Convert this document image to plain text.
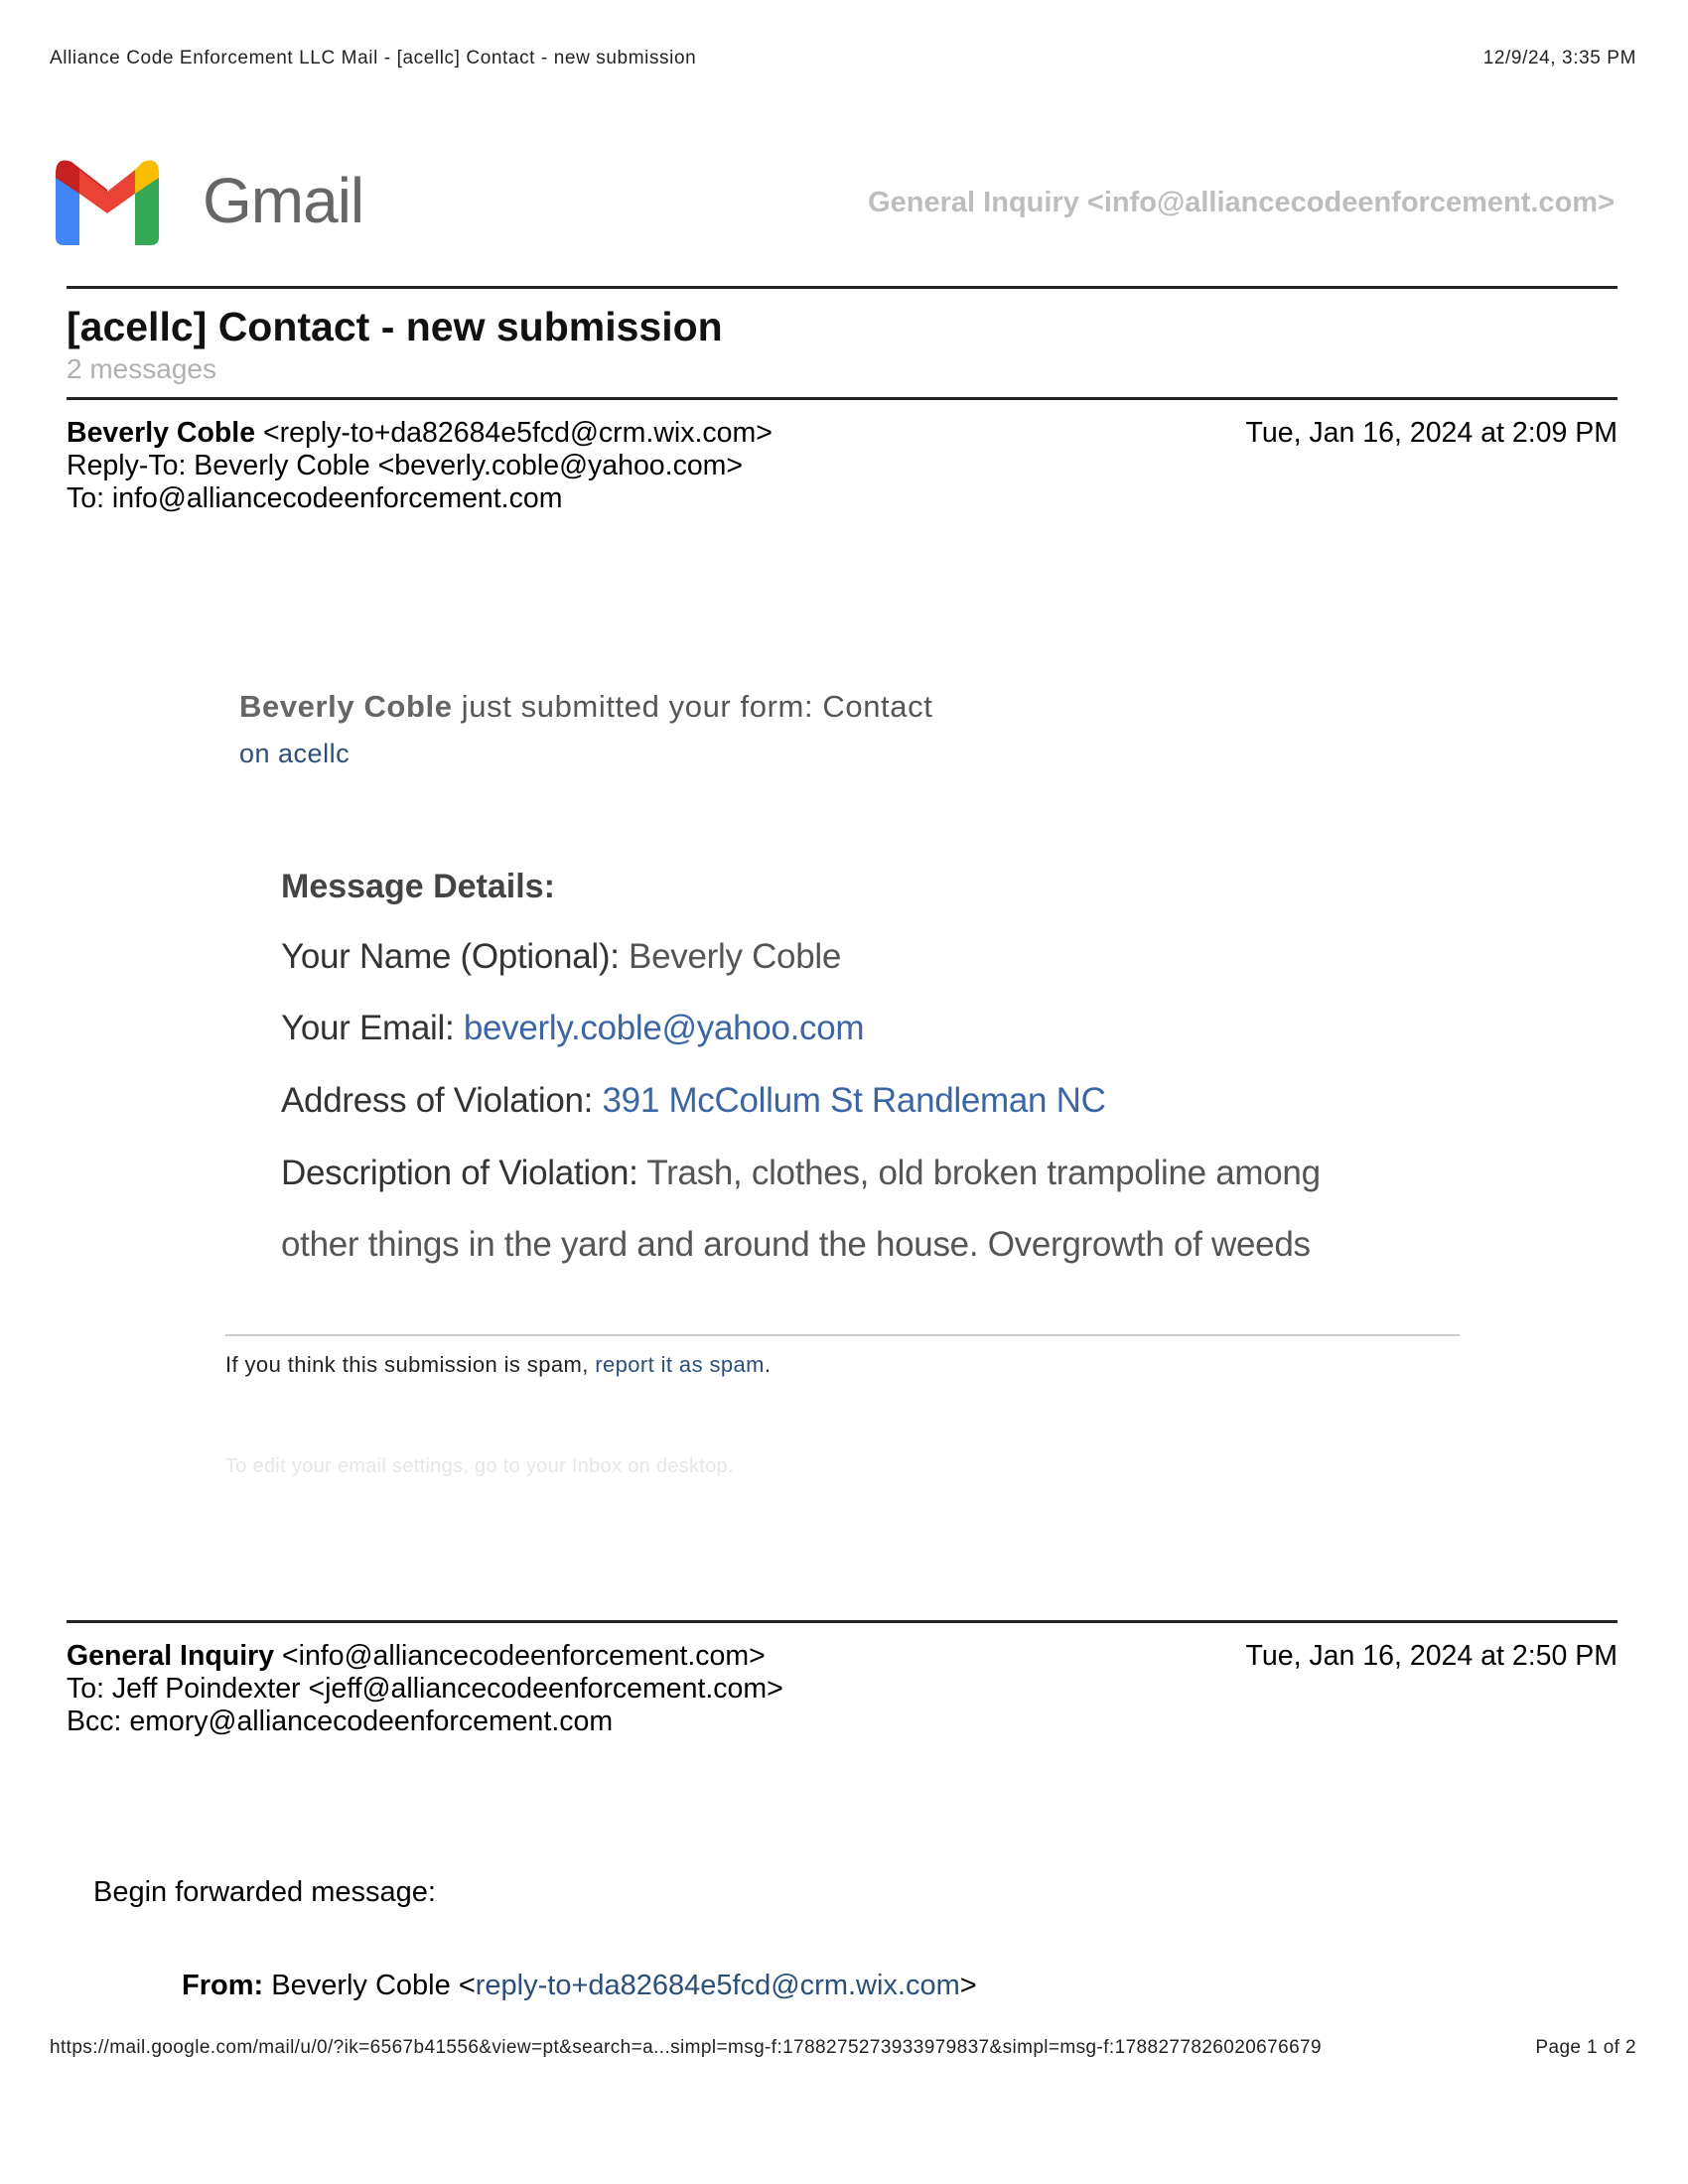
Alliance Code Enforcement LLC Mail - [acellc] Contact - new submission	12/9/24, 3:35 PM
Gmail	General Inquiry <info@alliancecodeenforcement.com>
[acellc] Contact - new submission
2 messages
Beverly Coble <reply-to+da82684e5fcd@crm.wix.com>	Tue, Jan 16, 2024 at 2:09 PM
Reply-To: Beverly Coble <beverly.coble@yahoo.com>
To: info@alliancecodeenforcement.com
Beverly Coble just submitted your form: Contact
on acellc
Message Details:
Your Name (Optional): Beverly Coble
Your Email: beverly.coble@yahoo.com
Address of Violation: 391 McCollum St Randleman NC
Description of Violation: Trash, clothes, old broken trampoline among
other things in the yard and around the house. Overgrowth of weeds
If you think this submission is spam, report it as spam.
To edit your email settings, go to your Inbox on desktop.
General Inquiry <info@alliancecodeenforcement.com>	Tue, Jan 16, 2024 at 2:50 PM
To: Jeff Poindexter <jeff@alliancecodeenforcement.com>
Bcc: emory@alliancecodeenforcement.com
Begin forwarded message:
From: Beverly Coble <reply-to+da82684e5fcd@crm.wix.com>
https://mail.google.com/mail/u/0/?ik=6567b41556&view=pt&search=a...simpl=msg-f:1788275273933979837&simpl=msg-f:1788277826020676679	Page 1 of 2
